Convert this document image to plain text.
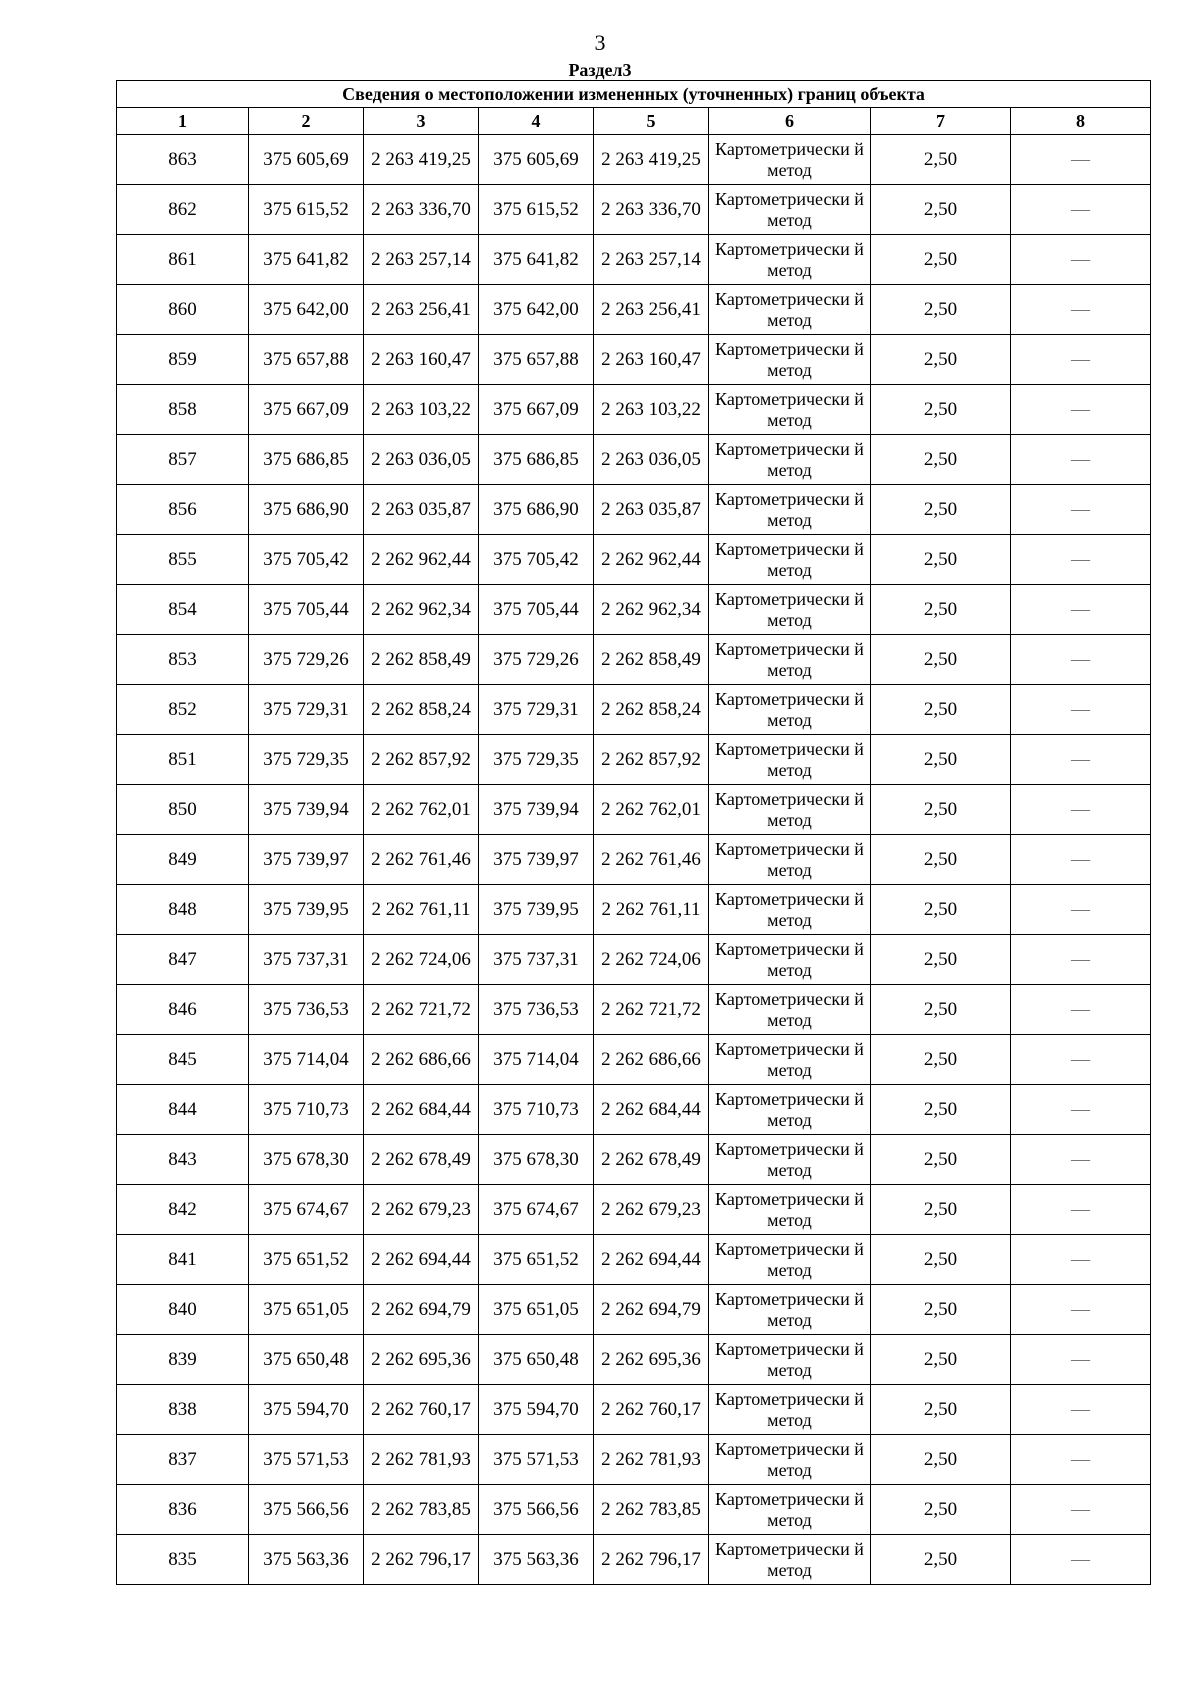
3
Раздел3
Сведения о местоположении измененных (уточненных) границ объекта							
1	2	3	4	5	6	7	8
863	375 605,69	2 263 419,25	375 605,69	2 263 419,25	Картометрически й метод	2,50	—
862	375 615,52	2 263 336,70	375 615,52	2 263 336,70	Картометрически й метод	2,50	—
861	375 641,82	2 263 257,14	375 641,82	2 263 257,14	Картометрически й метод	2,50	—
860	375 642,00	2 263 256,41	375 642,00	2 263 256,41	Картометрически й метод	2,50	—
859	375 657,88	2 263 160,47	375 657,88	2 263 160,47	Картометрически й метод	2,50	—
858	375 667,09	2 263 103,22	375 667,09	2 263 103,22	Картометрически й метод	2,50	—
857	375 686,85	2 263 036,05	375 686,85	2 263 036,05	Картометрически й метод	2,50	—
856	375 686,90	2 263 035,87	375 686,90	2 263 035,87	Картометрически й метод	2,50	—
855	375 705,42	2 262 962,44	375 705,42	2 262 962,44	Картометрически й метод	2,50	—
854	375 705,44	2 262 962,34	375 705,44	2 262 962,34	Картометрически й метод	2,50	—
853	375 729,26	2 262 858,49	375 729,26	2 262 858,49	Картометрически й метод	2,50	—
852	375 729,31	2 262 858,24	375 729,31	2 262 858,24	Картометрически й метод	2,50	—
851	375 729,35	2 262 857,92	375 729,35	2 262 857,92	Картометрически й метод	2,50	—
850	375 739,94	2 262 762,01	375 739,94	2 262 762,01	Картометрически й метод	2,50	—
849	375 739,97	2 262 761,46	375 739,97	2 262 761,46	Картометрически й метод	2,50	—
848	375 739,95	2 262 761,11	375 739,95	2 262 761,11	Картометрически й метод	2,50	—
847	375 737,31	2 262 724,06	375 737,31	2 262 724,06	Картометрически й метод	2,50	—
846	375 736,53	2 262 721,72	375 736,53	2 262 721,72	Картометрически й метод	2,50	—
845	375 714,04	2 262 686,66	375 714,04	2 262 686,66	Картометрически й метод	2,50	—
844	375 710,73	2 262 684,44	375 710,73	2 262 684,44	Картометрически й метод	2,50	—
843	375 678,30	2 262 678,49	375 678,30	2 262 678,49	Картометрически й метод	2,50	—
842	375 674,67	2 262 679,23	375 674,67	2 262 679,23	Картометрически й метод	2,50	—
841	375 651,52	2 262 694,44	375 651,52	2 262 694,44	Картометрически й метод	2,50	—
840	375 651,05	2 262 694,79	375 651,05	2 262 694,79	Картометрически й метод	2,50	—
839	375 650,48	2 262 695,36	375 650,48	2 262 695,36	Картометрически й метод	2,50	—
838	375 594,70	2 262 760,17	375 594,70	2 262 760,17	Картометрически й метод	2,50	—
837	375 571,53	2 262 781,93	375 571,53	2 262 781,93	Картометрически й метод	2,50	—
836	375 566,56	2 262 783,85	375 566,56	2 262 783,85	Картометрически й метод	2,50	—
835	375 563,36	2 262 796,17	375 563,36	2 262 796,17	Картометрически й метод	2,50	—
